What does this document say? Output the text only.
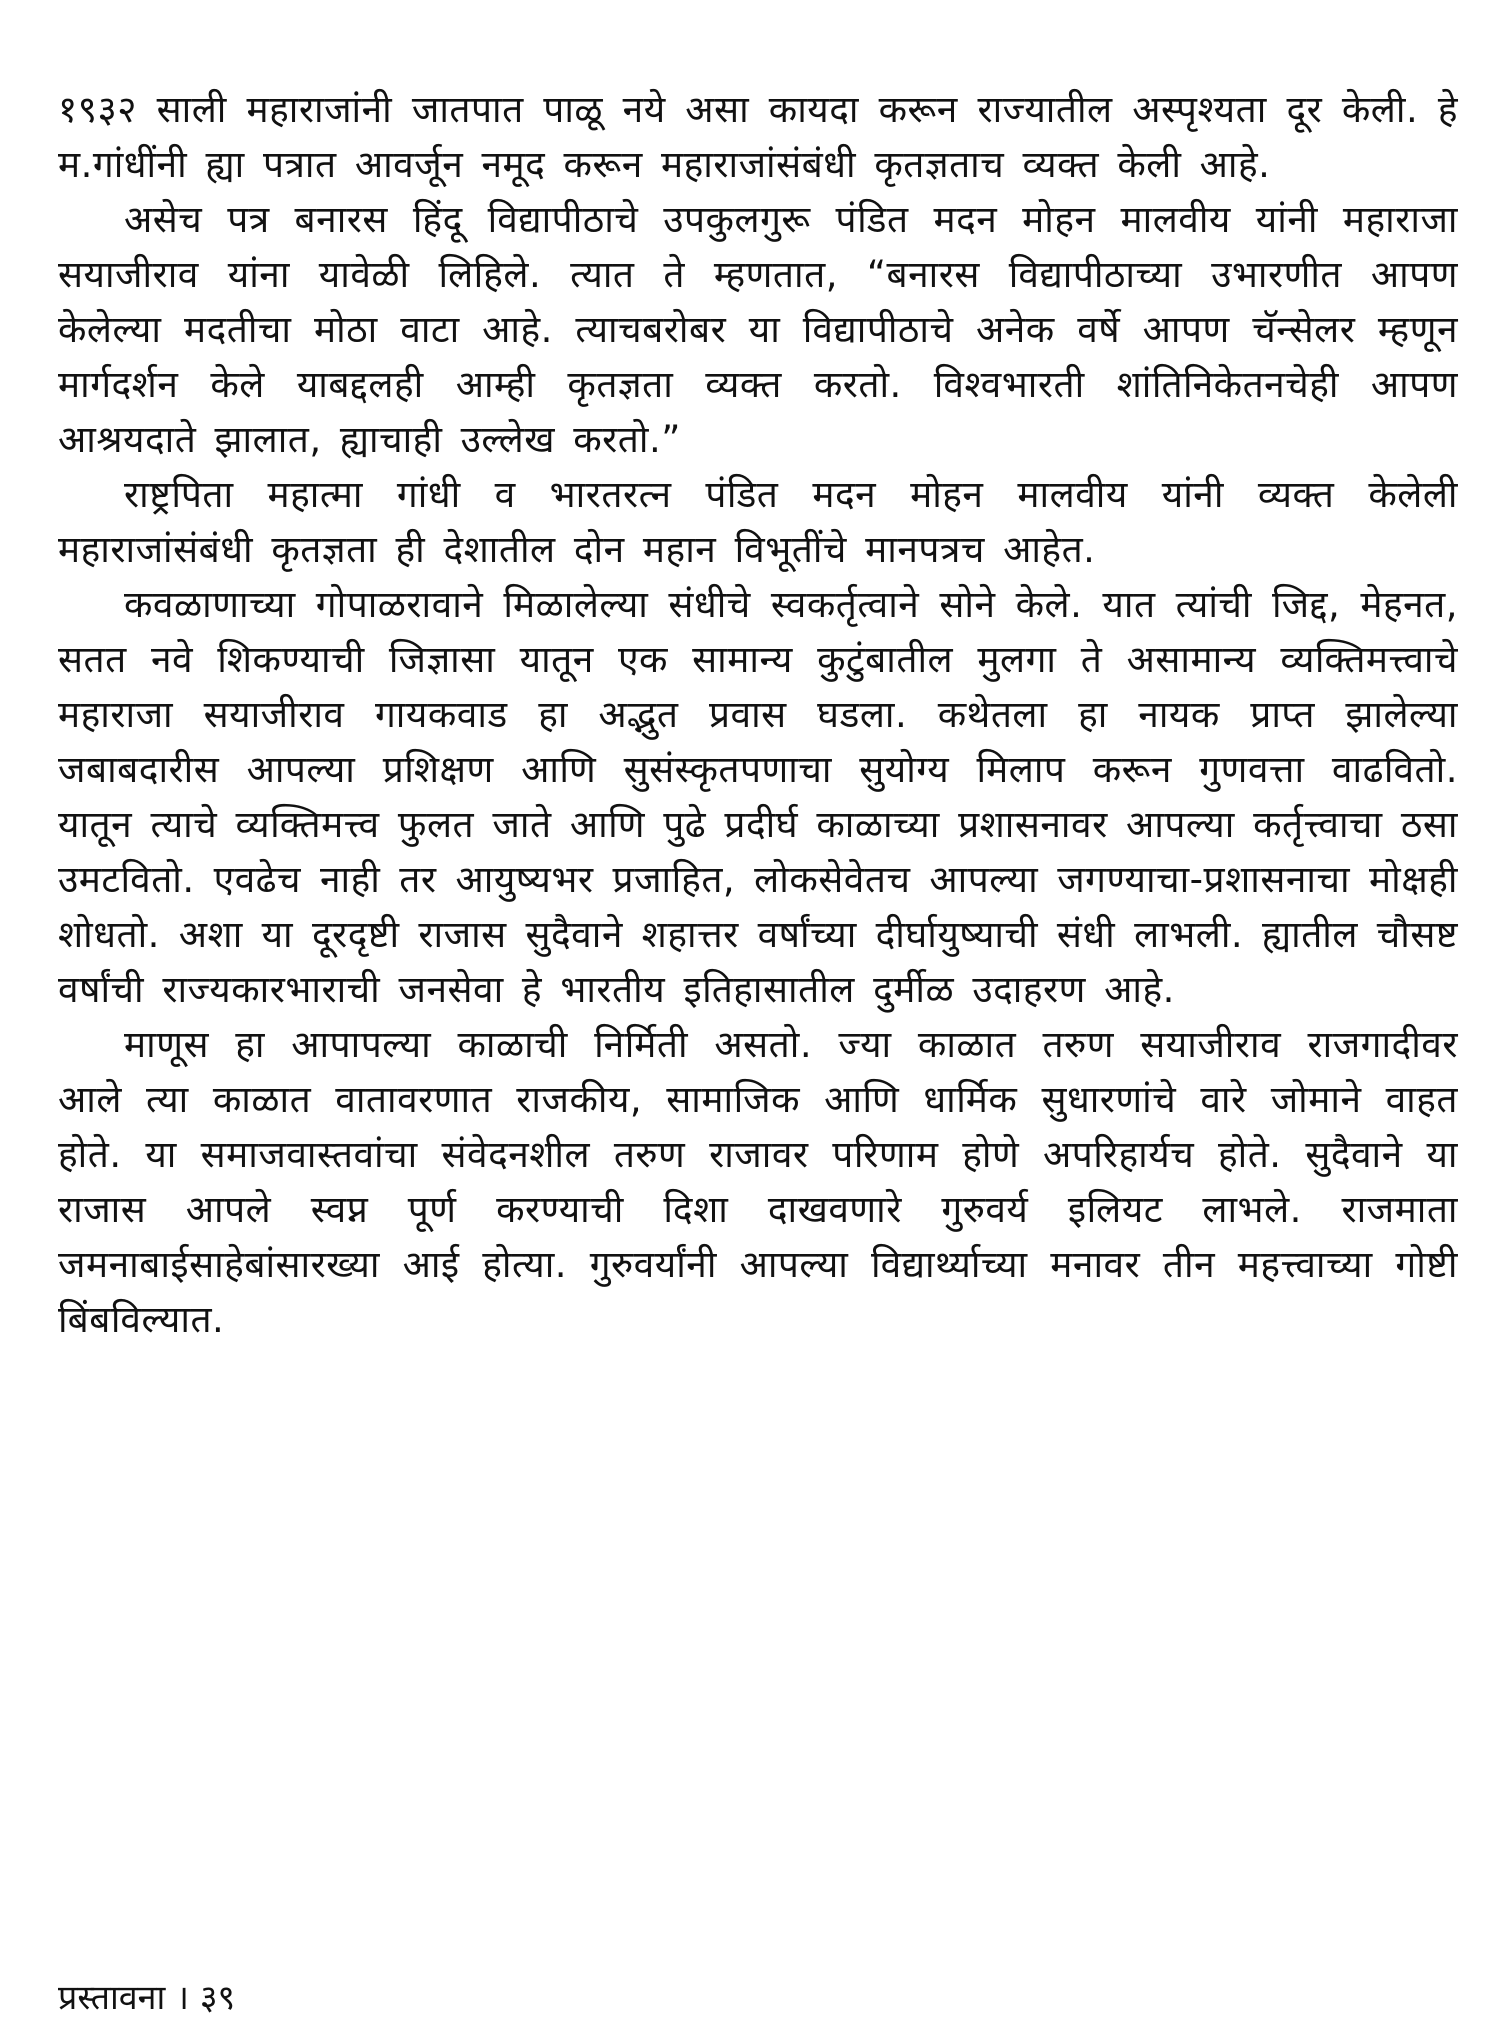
१९३२ साली महाराजांनी जातपात पाळू नये असा कायदा करून राज्यातील अस्पृश्यता दूर केली. हे म.गांधींनी ह्या पत्रात आवर्जून नमूद करून महाराजांसंबंधी कृतज्ञताच व्यक्त केली आहे.

असेच पत्र बनारस हिंदू विद्यापीठाचे उपकुलगुरू पंडित मदन मोहन मालवीय यांनी महाराजा सयाजीराव यांना यावेळी लिहिले. त्यात ते म्हणतात, “बनारस विद्यापीठाच्या उभारणीत आपण केलेल्या मदतीचा मोठा वाटा आहे. त्याचबरोबर या विद्यापीठाचे अनेक वर्षे आपण चॅन्सेलर म्हणून मार्गदर्शन केले याबद्दलही आम्ही कृतज्ञता व्यक्त करतो. विश्वभारती शांतिनिकेतनचेही आपण आश्रयदाते झालात, ह्याचाही उल्लेख करतो.”

राष्ट्रपिता महात्मा गांधी व भारतरत्न पंडित मदन मोहन मालवीय यांनी व्यक्त केलेली महाराजांसंबंधी कृतज्ञता ही देशातील दोन महान विभूतींचे मानपत्रच आहेत.

कवळाणाच्या गोपाळरावाने मिळालेल्या संधीचे स्वकर्तृत्वाने सोने केले. यात त्यांची जिद्द, मेहनत, सतत नवे शिकण्याची जिज्ञासा यातून एक सामान्य कुटुंबातील मुलगा ते असामान्य व्यक्तिमत्त्वाचे महाराजा सयाजीराव गायकवाड हा अद्भुत प्रवास घडला. कथेतला हा नायक प्राप्त झालेल्या जबाबदारीस आपल्या प्रशिक्षण आणि सुसंस्कृतपणाचा सुयोग्य मिलाप करून गुणवत्ता वाढवितो. यातून त्याचे व्यक्तिमत्त्व फुलत जाते आणि पुढे प्रदीर्घ काळाच्या प्रशासनावर आपल्या कर्तृत्त्वाचा ठसा उमटवितो. एवढेच नाही तर आयुष्यभर प्रजाहित, लोकसेवेतच आपल्या जगण्याचा-प्रशासनाचा मोक्षही शोधतो. अशा या दूरदृष्टी राजास सुदैवाने शहात्तर वर्षांच्या दीर्घायुष्याची संधी लाभली. ह्यातील चौसष्ट वर्षांची राज्यकारभाराची जनसेवा हे भारतीय इतिहासातील दुर्मीळ उदाहरण आहे.

माणूस हा आपापल्या काळाची निर्मिती असतो. ज्या काळात तरुण सयाजीराव राजगादीवर आले त्या काळात वातावरणात राजकीय, सामाजिक आणि धार्मिक सुधारणांचे वारे जोमाने वाहत होते. या समाजवास्तवांचा संवेदनशील तरुण राजावर परिणाम होणे अपरिहार्यच होते. सुदैवाने या राजास आपले स्वप्न पूर्ण करण्याची दिशा दाखवणारे गुरुवर्य इलियट लाभले. राजमाता जमनाबाईसाहेबांसारख्या आई होत्या. गुरुवर्यांनी आपल्या विद्यार्थ्याच्या मनावर तीन महत्त्वाच्या गोष्टी बिंबविल्यात.

प्रस्तावना । ३९
